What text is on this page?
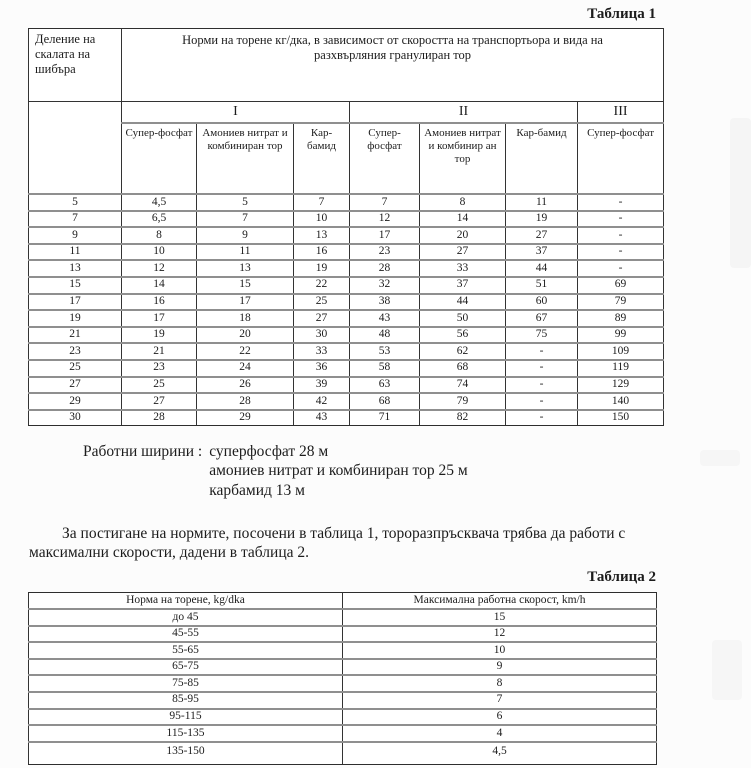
Таблица 1
Деление на скалата на шибъра	Норми на торене кг/дка, в зависимост от скоростта на транспортьора и вида на разхвърляния гранулиран тор						
	I			II			III
	Супер-фосфат	Амониев нитрат и комбиниран тор	Кар-бамид	Супер-фосфат	Амониев нитрат и комбинир ан тор	Кар-бамид	Супер-фосфат
5	4,5	5	7	7	8	11	-
7	6,5	7	10	12	14	19	-
9	8	9	13	17	20	27	-
11	10	11	16	23	27	37	-
13	12	13	19	28	33	44	-
15	14	15	22	32	37	51	69
17	16	17	25	38	44	60	79
19	17	18	27	43	50	67	89
21	19	20	30	48	56	75	99
23	21	22	33	53	62	-	109
25	23	24	36	58	68	-	119
27	25	26	39	63	74	-	129
29	27	28	42	68	79	-	140
30	28	29	43	71	82	-	150
Работни ширини : суперфосфат 28 м
амониев нитрат и комбиниран тор 25 м
карбамид 13 м
За постигане на нормите, посочени в таблица 1, тороразпръсквача трябва да работи с максимални скорости, дадени в таблица 2.
Таблица 2
Норма на торене, kg/dka	Максимална работна скорост, km/h
до 45	15
45-55	12
55-65	10
65-75	9
75-85	8
85-95	7
95-115	6
115-135	4
135-150	4,5
